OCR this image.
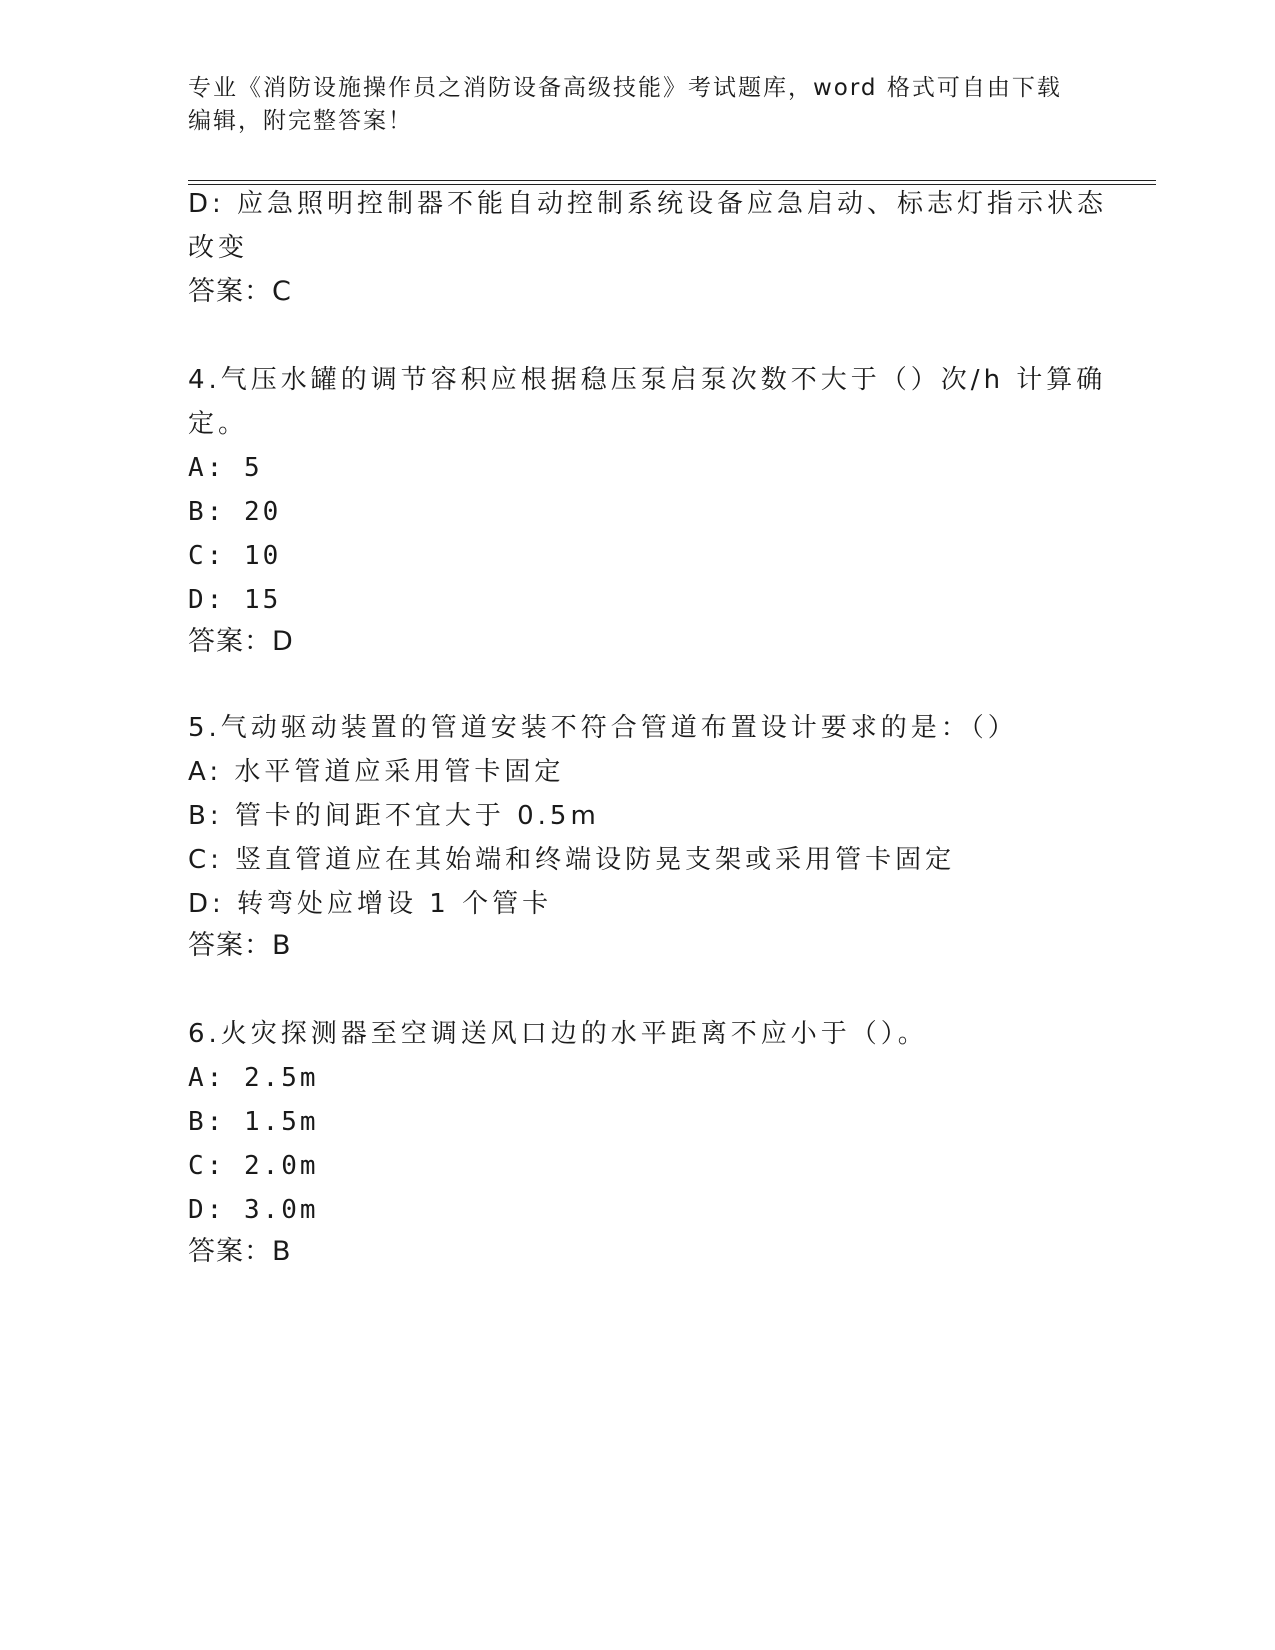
专业《消防设施操作员之消防设备高级技能》考试题库，word 格式可自由下载编辑，附完整答案！
D: 应急照明控制器不能自动控制系统设备应急启动、标志灯指示状态
改变
答案：C
4.气压水罐的调节容积应根据稳压泵启泵次数不大于（）次/h 计算确
定。
A: 5
B: 20
C: 10
D: 15
答案：D
5.气动驱动装置的管道安装不符合管道布置设计要求的是：（）
A: 水平管道应采用管卡固定
B: 管卡的间距不宜大于 0.5m
C: 竖直管道应在其始端和终端设防晃支架或采用管卡固定
D: 转弯处应增设 1 个管卡
答案：B
6.火灾探测器至空调送风口边的水平距离不应小于（）。
A: 2.5m
B: 1.5m
C: 2.0m
D: 3.0m
答案：B
